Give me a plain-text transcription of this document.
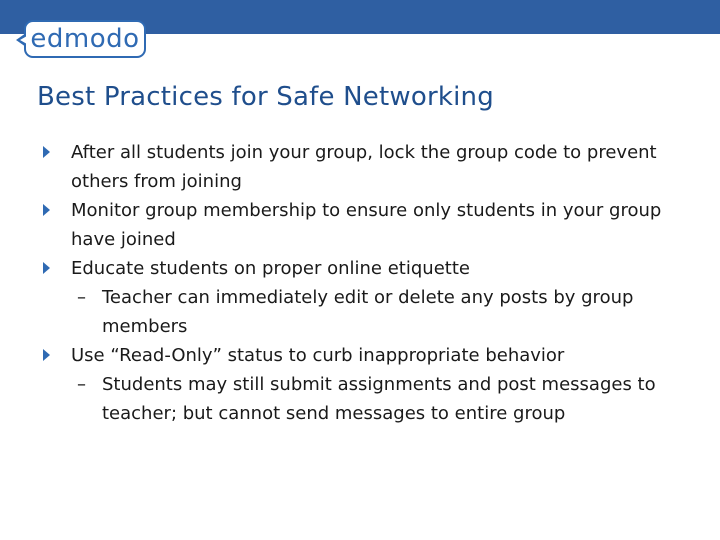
edmodo
Best Practices for Safe Networking
After all students join your group, lock the group code to prevent others from joining
Monitor group membership to ensure only students in your group have joined
Educate students on proper online etiquette
– Teacher can immediately edit or delete any posts by group members
Use “Read-Only” status to curb inappropriate behavior
– Students may still submit assignments and post messages to teacher; but cannot send messages to entire group
